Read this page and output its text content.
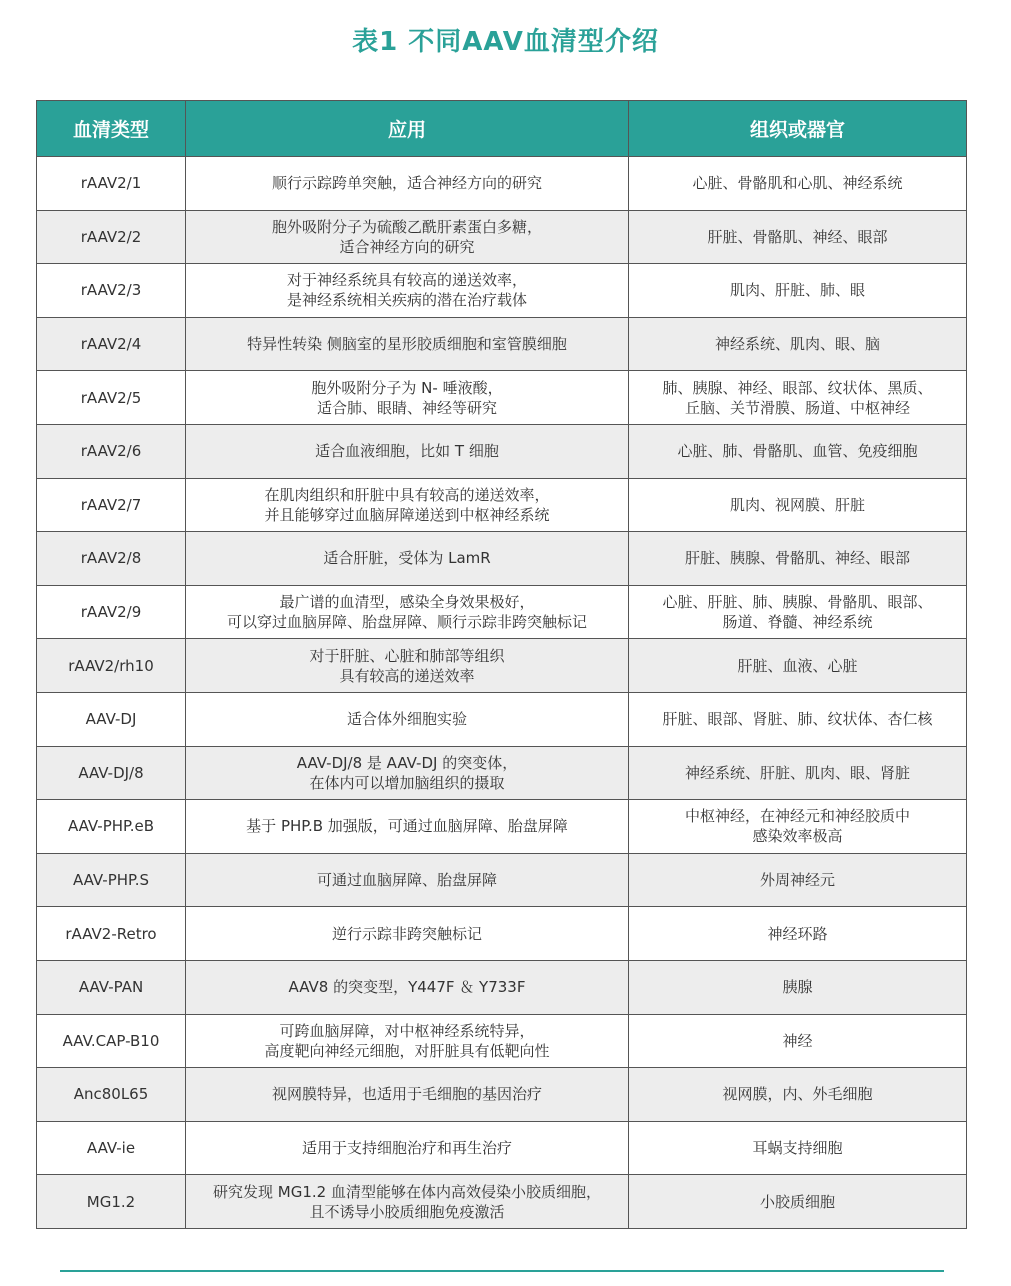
表1 不同AAV血清型介绍
血清类型	应用	组织或器官
rAAV2/1	顺行示踪跨单突触，适合神经方向的研究	心脏、骨骼肌和心肌、神经系统

rAAV2/2	胞外吸附分子为硫酸乙酰肝素蛋白多糖，
适合神经方向的研究	肝脏、骨骼肌、神经、眼部

rAAV2/3	对于神经系统具有较高的递送效率，
是神经系统相关疾病的潜在治疗载体	肌肉、肝脏、肺、眼

rAAV2/4	特异性转染 侧脑室的星形胶质细胞和室管膜细胞	神经系统、肌肉、眼、脑

rAAV2/5	胞外吸附分子为 N- 唾液酸，
适合肺、眼睛、神经等研究	肺、胰腺、神经、眼部、纹状体、黑质、
丘脑、关节滑膜、肠道、中枢神经

rAAV2/6	适合血液细胞，比如 T 细胞	心脏、肺、骨骼肌、血管、免疫细胞

rAAV2/7	在肌肉组织和肝脏中具有较高的递送效率，
并且能够穿过血脑屏障递送到中枢神经系统	肌肉、视网膜、肝脏

rAAV2/8	适合肝脏，受体为 LamR	肝脏、胰腺、骨骼肌、神经、眼部

rAAV2/9	最广谱的血清型，感染全身效果极好，
可以穿过血脑屏障、胎盘屏障、顺行示踪非跨突触标记	心脏、肝脏、肺、胰腺、骨骼肌、眼部、
肠道、脊髓、神经系统

rAAV2/rh10	对于肝脏、心脏和肺部等组织
具有较高的递送效率	肝脏、血液、心脏

AAV-DJ	适合体外细胞实验	肝脏、眼部、肾脏、肺、纹状体、杏仁核

AAV-DJ/8	AAV-DJ/8 是 AAV-DJ 的突变体，
在体内可以增加脑组织的摄取	神经系统、肝脏、肌肉、眼、肾脏

AAV-PHP.eB	基于 PHP.B 加强版，可通过血脑屏障、胎盘屏障	中枢神经，在神经元和神经胶质中
感染效率极高

AAV-PHP.S	可通过血脑屏障、胎盘屏障	外周神经元

rAAV2-Retro	逆行示踪非跨突触标记	神经环路

AAV-PAN	AAV8 的突变型，Y447F ＆ Y733F	胰腺

AAV.CAP-B10	可跨血脑屏障，对中枢神经系统特异，
高度靶向神经元细胞，对肝脏具有低靶向性	神经

Anc80L65	视网膜特异，也适用于毛细胞的基因治疗	视网膜，内、外毛细胞

AAV-ie	适用于支持细胞治疗和再生治疗	耳蜗支持细胞

MG1.2	研究发现 MG1.2 血清型能够在体内高效侵染小胶质细胞，
且不诱导小胶质细胞免疫激活	小胶质细胞
